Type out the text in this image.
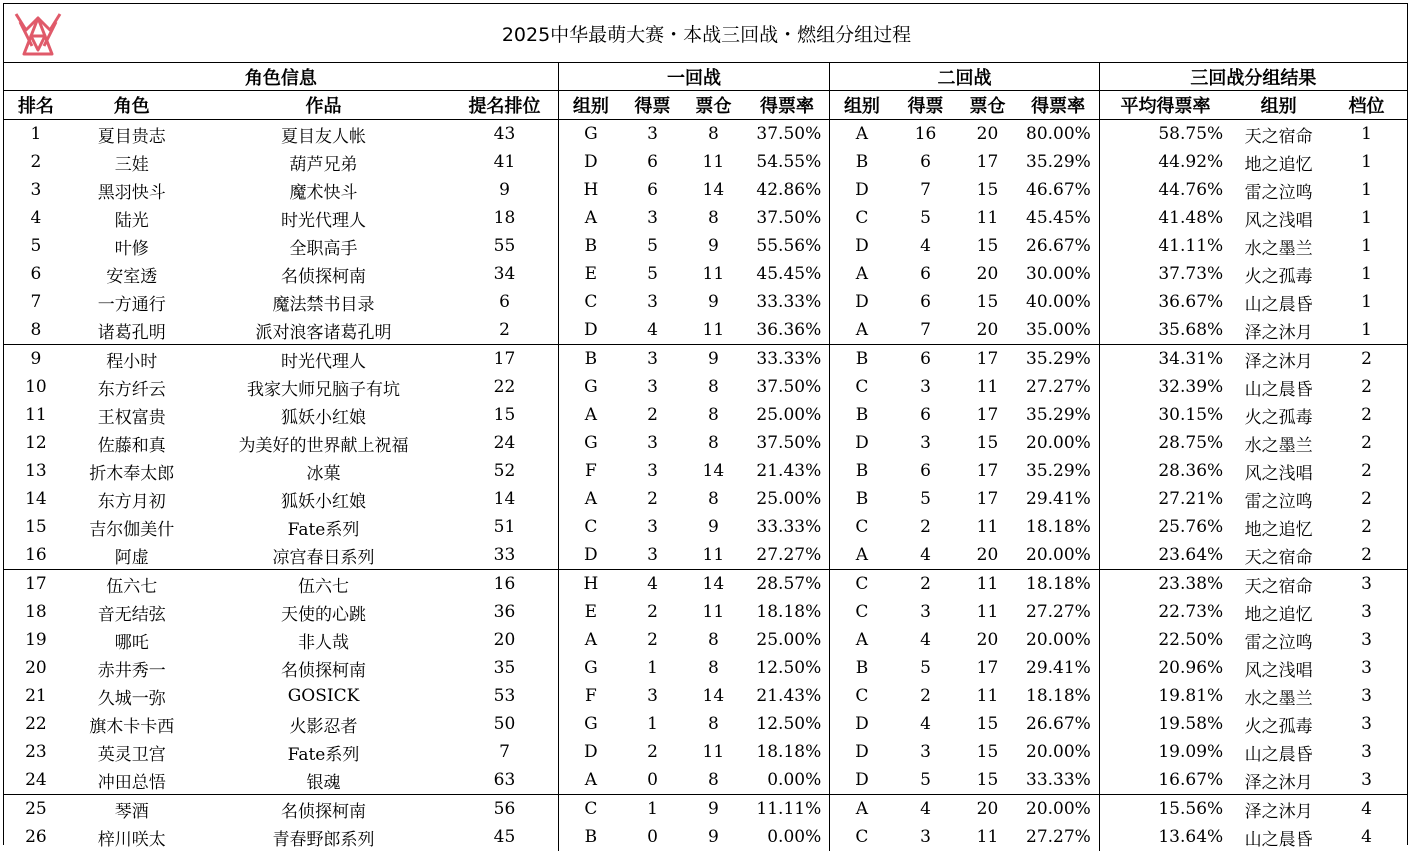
2025中华最萌大赛・本战三回战・燃组分组过程
角色信息				一回战				二回战				三回战分组结果		
排名	角色	作品	提名排位	组别	得票	票仓	得票率	组别	得票	票仓	得票率	平均得票率	组别	档位
1	夏目贵志	夏目友人帐	43	G	3	8	37.50%	A	16	20	80.00%	58.75%	天之宿命	1
2	三娃	葫芦兄弟	41	D	6	11	54.55%	B	6	17	35.29%	44.92%	地之追忆	1
3	黑羽快斗	魔术快斗	9	H	6	14	42.86%	D	7	15	46.67%	44.76%	雷之泣鸣	1
4	陆光	时光代理人	18	A	3	8	37.50%	C	5	11	45.45%	41.48%	风之浅唱	1
5	叶修	全职高手	55	B	5	9	55.56%	D	4	15	26.67%	41.11%	水之墨兰	1
6	安室透	名侦探柯南	34	E	5	11	45.45%	A	6	20	30.00%	37.73%	火之孤毒	1
7	一方通行	魔法禁书目录	6	C	3	9	33.33%	D	6	15	40.00%	36.67%	山之晨昏	1
8	诸葛孔明	派对浪客诸葛孔明	2	D	4	11	36.36%	A	7	20	35.00%	35.68%	泽之沐月	1
9	程小时	时光代理人	17	B	3	9	33.33%	B	6	17	35.29%	34.31%	泽之沐月	2
10	东方纤云	我家大师兄脑子有坑	22	G	3	8	37.50%	C	3	11	27.27%	32.39%	山之晨昏	2
11	王权富贵	狐妖小红娘	15	A	2	8	25.00%	B	6	17	35.29%	30.15%	火之孤毒	2
12	佐藤和真	为美好的世界献上祝福	24	G	3	8	37.50%	D	3	15	20.00%	28.75%	水之墨兰	2
13	折木奉太郎	冰菓	52	F	3	14	21.43%	B	6	17	35.29%	28.36%	风之浅唱	2
14	东方月初	狐妖小红娘	14	A	2	8	25.00%	B	5	17	29.41%	27.21%	雷之泣鸣	2
15	吉尔伽美什	Fate系列	51	C	3	9	33.33%	C	2	11	18.18%	25.76%	地之追忆	2
16	阿虚	凉宫春日系列	33	D	3	11	27.27%	A	4	20	20.00%	23.64%	天之宿命	2
17	伍六七	伍六七	16	H	4	14	28.57%	C	2	11	18.18%	23.38%	天之宿命	3
18	音无结弦	天使的心跳	36	E	2	11	18.18%	C	3	11	27.27%	22.73%	地之追忆	3
19	哪吒	非人哉	20	A	2	8	25.00%	A	4	20	20.00%	22.50%	雷之泣鸣	3
20	赤井秀一	名侦探柯南	35	G	1	8	12.50%	B	5	17	29.41%	20.96%	风之浅唱	3
21	久城一弥	GOSICK	53	F	3	14	21.43%	C	2	11	18.18%	19.81%	水之墨兰	3
22	旗木卡卡西	火影忍者	50	G	1	8	12.50%	D	4	15	26.67%	19.58%	火之孤毒	3
23	英灵卫宫	Fate系列	7	D	2	11	18.18%	D	3	15	20.00%	19.09%	山之晨昏	3
24	冲田总悟	银魂	63	A	0	8	0.00%	D	5	15	33.33%	16.67%	泽之沐月	3
25	琴酒	名侦探柯南	56	C	1	9	11.11%	A	4	20	20.00%	15.56%	泽之沐月	4
26	梓川咲太	青春野郎系列	45	B	0	9	0.00%	C	3	11	27.27%	13.64%	山之晨昏	4
